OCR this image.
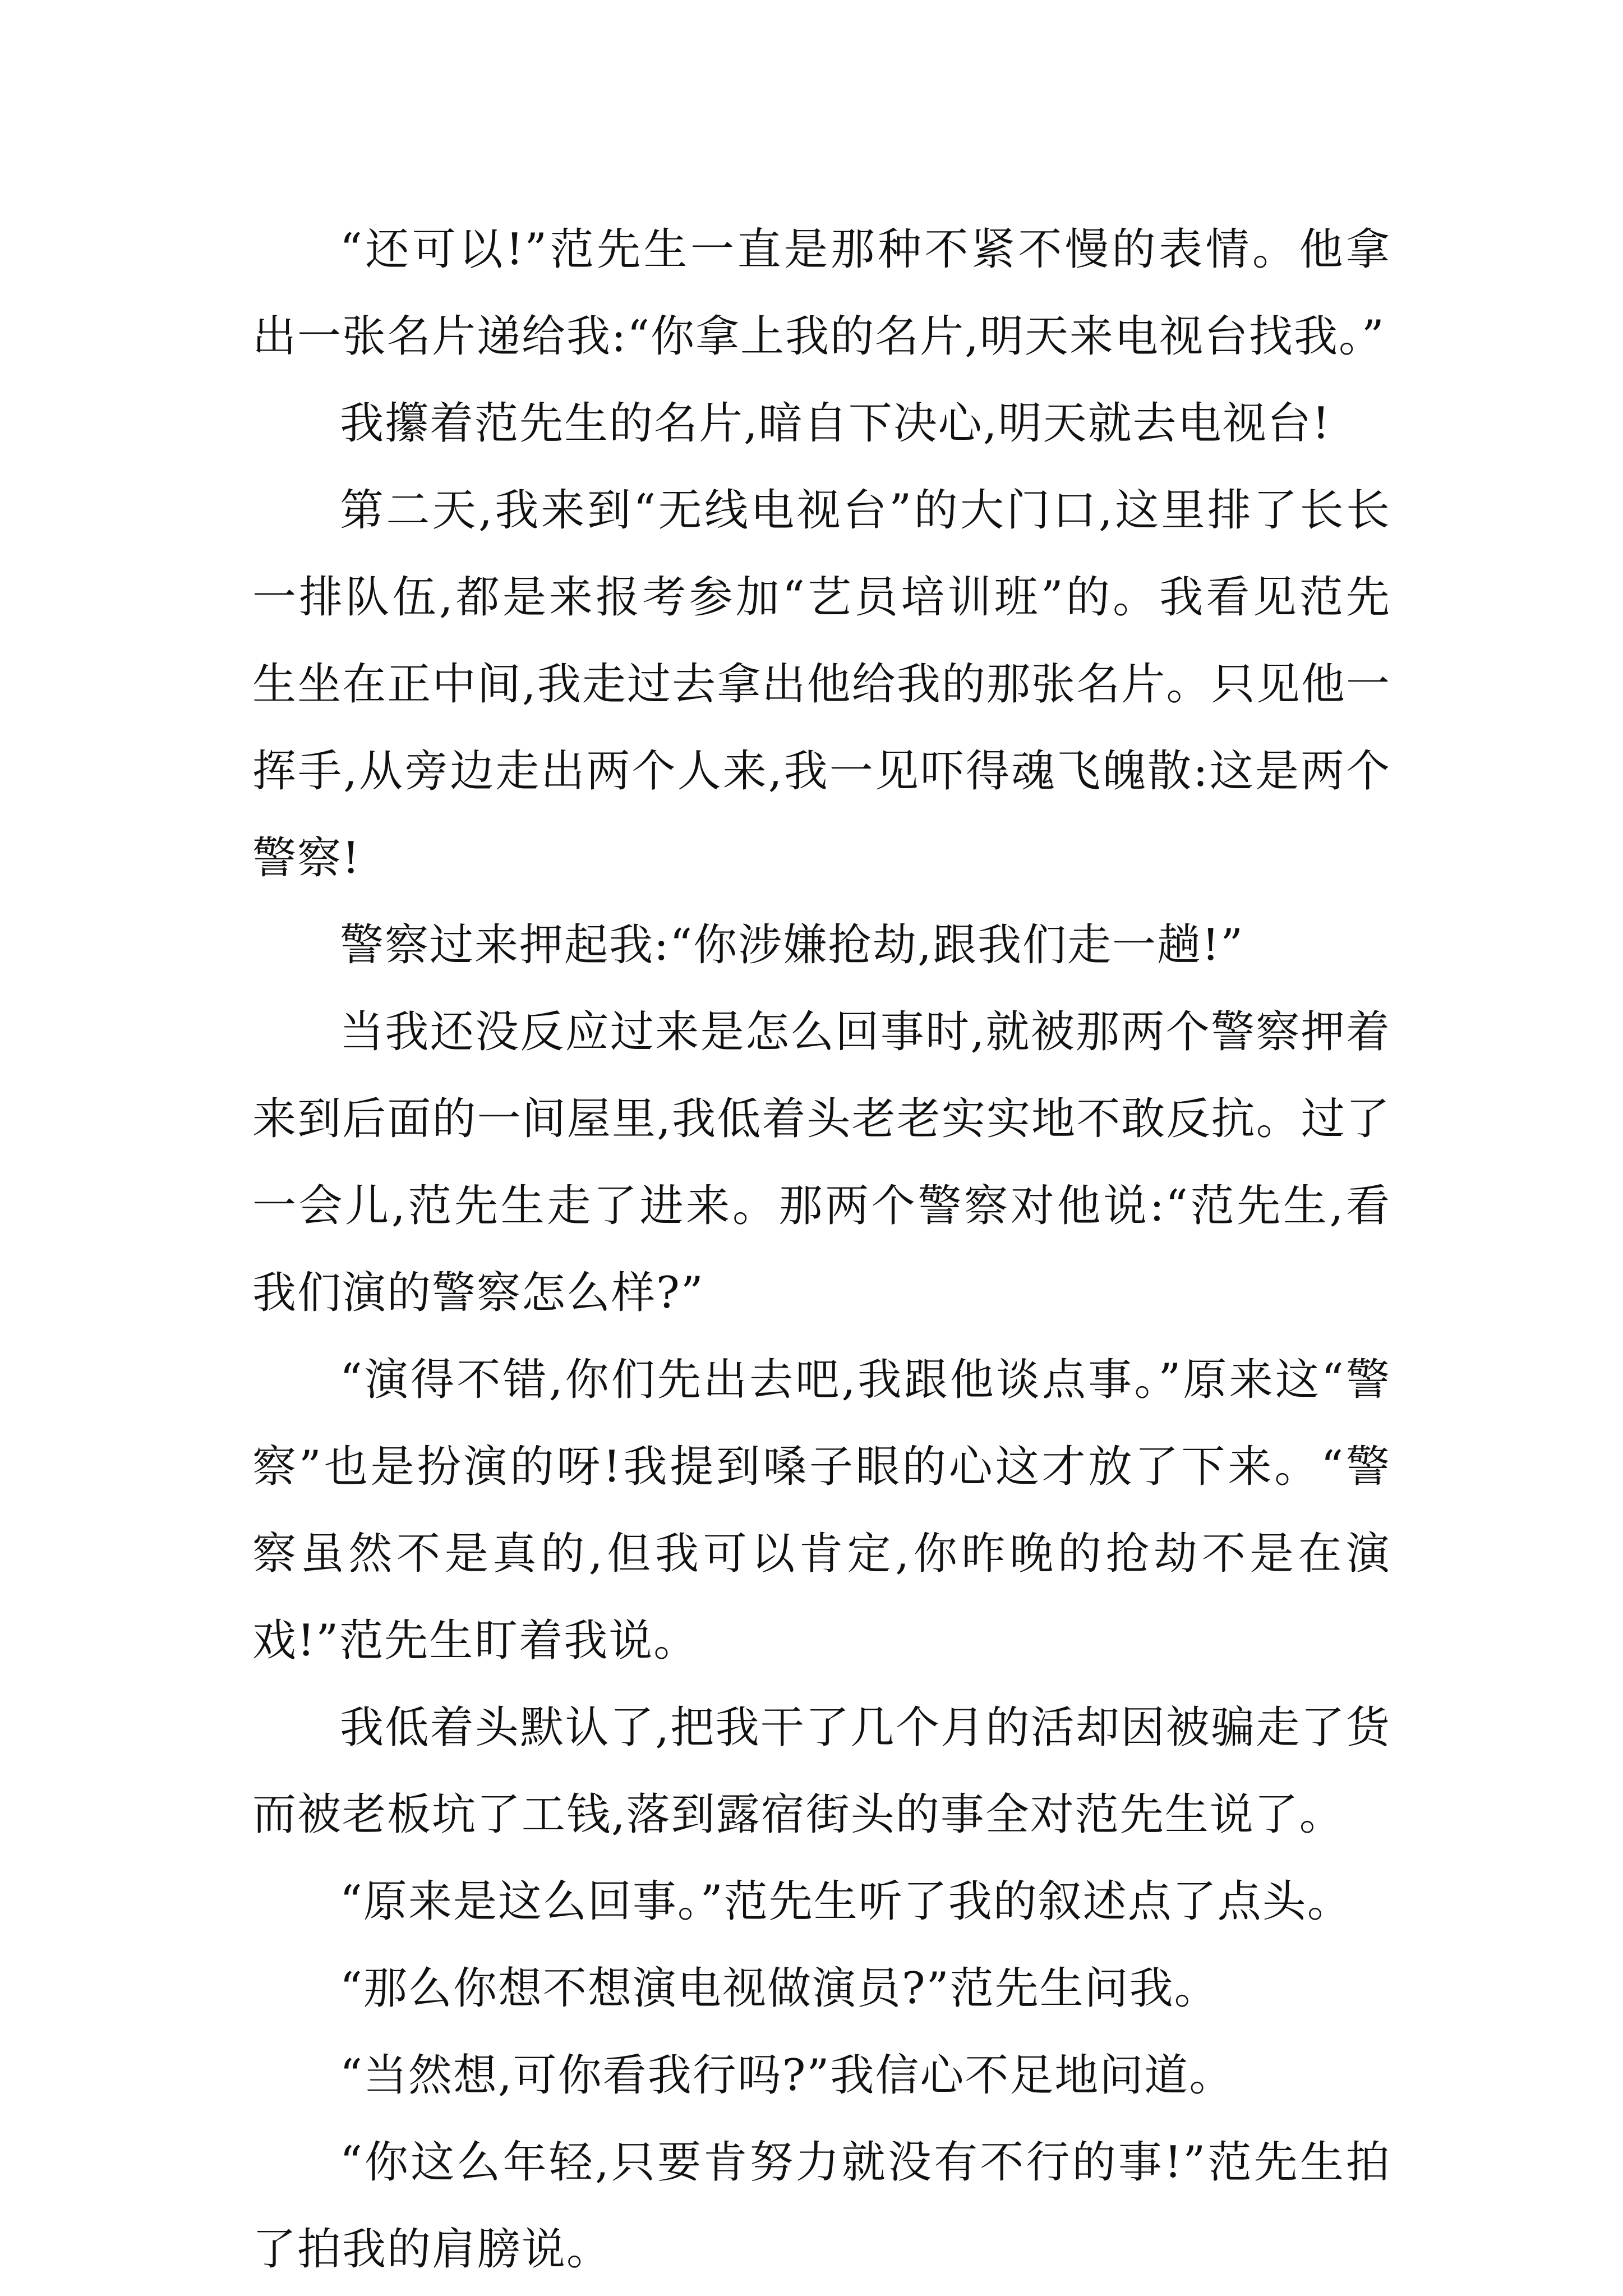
“还可以!”范先生一直是那种不紧不慢的表情。他拿出一张名片递给我:“你拿上我的名片,明天来电视台找我。”

我攥着范先生的名片,暗自下决心,明天就去电视台!

第二天,我来到“无线电视台”的大门口,这里排了长长一排队伍,都是来报考参加“艺员培训班”的。我看见范先生坐在正中间,我走过去拿出他给我的那张名片。只见他一挥手,从旁边走出两个人来,我一见吓得魂飞魄散:这是两个警察!

警察过来押起我:“你涉嫌抢劫,跟我们走一趟!”

当我还没反应过来是怎么回事时,就被那两个警察押着来到后面的一间屋里,我低着头老老实实地不敢反抗。过了一会儿,范先生走了进来。那两个警察对他说:“范先生,看我们演的警察怎么样?”

“演得不错,你们先出去吧,我跟他谈点事。”原来这“警察”也是扮演的呀!我提到嗓子眼的心这才放了下来。“警察虽然不是真的,但我可以肯定,你昨晚的抢劫不是在演戏!”范先生盯着我说。

我低着头默认了,把我干了几个月的活却因被骗走了货而被老板坑了工钱,落到露宿街头的事全对范先生说了。

“原来是这么回事。”范先生听了我的叙述点了点头。

“那么你想不想演电视做演员?”范先生问我。

“当然想,可你看我行吗?”我信心不足地问道。

“你这么年轻,只要肯努力就没有不行的事!”范先生拍了拍我的肩膀说。
